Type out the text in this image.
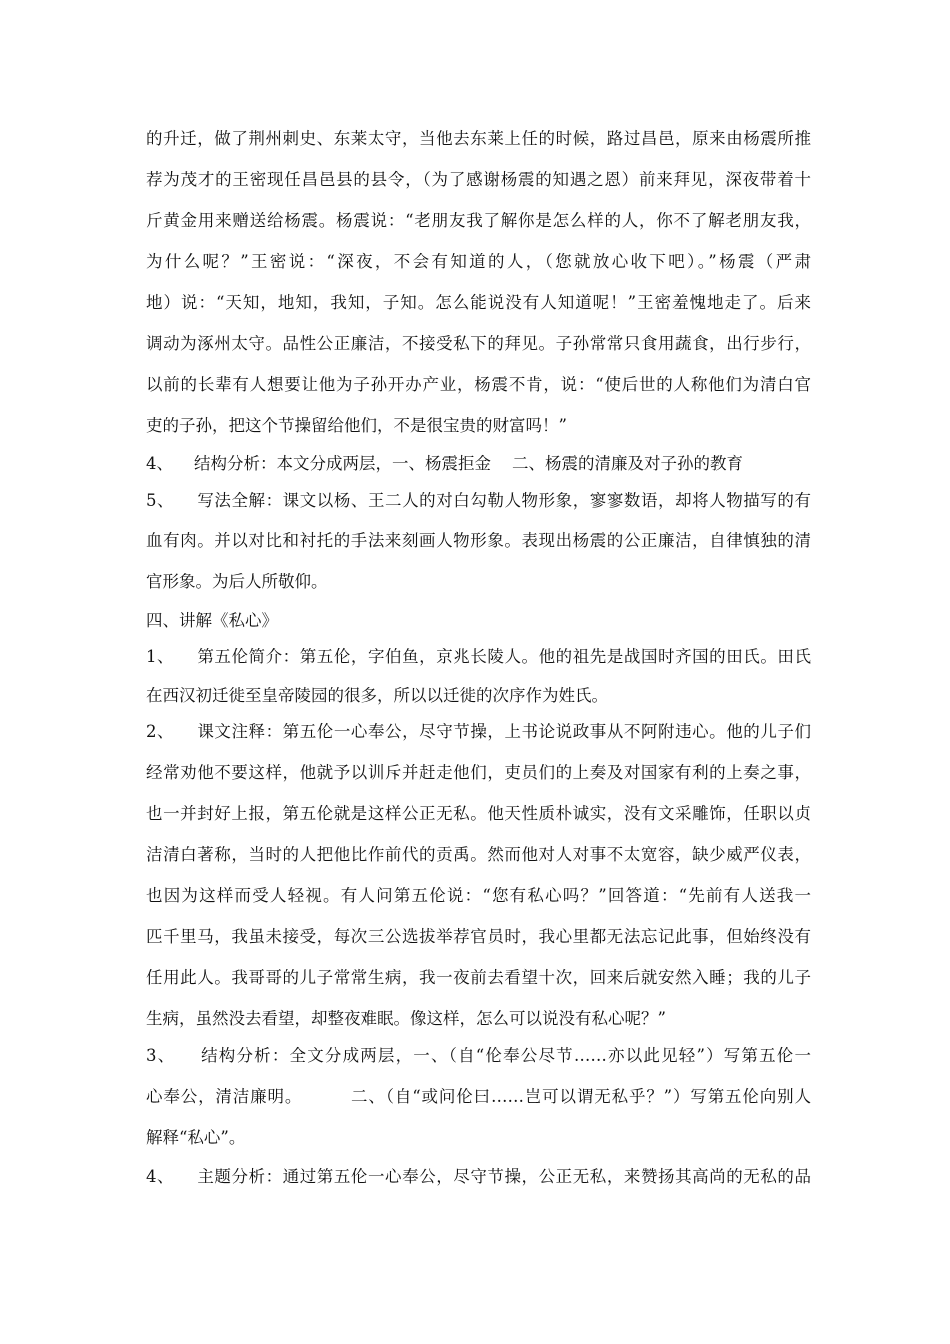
的升迁，做了荆州刺史、东莱太守，当他去东莱上任的时候，路过昌邑，原来由杨震所推
荐为茂才的王密现任昌邑县的县令，（为了感谢杨震的知遇之恩）前来拜见，深夜带着十
斤黄金用来赠送给杨震。杨震说：“老朋友我了解你是怎么样的人，你不了解老朋友我，
为什么呢？”王密说：“深夜，不会有知道的人，（您就放心收下吧）。”杨震（严肃
地）说：“天知，地知，我知，子知。怎么能说没有人知道呢！”王密羞愧地走了。后来
调动为涿州太守。品性公正廉洁，不接受私下的拜见。子孙常常只食用蔬食，出行步行，
以前的长辈有人想要让他为子孙开办产业，杨震不肯，说：“使后世的人称他们为清白官
吏的子孙，把这个节操留给他们，不是很宝贵的财富吗！”
4、    结构分析：本文分成两层，一、杨震拒金    二、杨震的清廉及对子孙的教育
5、    写法全解：课文以杨、王二人的对白勾勒人物形象，寥寥数语，却将人物描写的有
血有肉。并以对比和衬托的手法来刻画人物形象。表现出杨震的公正廉洁，自律慎独的清
官形象。为后人所敬仰。
四、讲解《私心》
1、    第五伦简介：第五伦，字伯鱼，京兆长陵人。他的祖先是战国时齐国的田氏。田氏
在西汉初迁徙至皇帝陵园的很多，所以以迁徙的次序作为姓氏。
2、    课文注释：第五伦一心奉公，尽守节操，上书论说政事从不阿附违心。他的儿子们
经常劝他不要这样，他就予以训斥并赶走他们，吏员们的上奏及对国家有利的上奏之事，
也一并封好上报，第五伦就是这样公正无私。他天性质朴诚实，没有文采雕饰，任职以贞
洁清白著称，当时的人把他比作前代的贡禹。然而他对人对事不太宽容，缺少威严仪表，
也因为这样而受人轻视。有人问第五伦说：“您有私心吗？”回答道：“先前有人送我一
匹千里马，我虽未接受，每次三公选拔举荐官员时，我心里都无法忘记此事，但始终没有
任用此人。我哥哥的儿子常常生病，我一夜前去看望十次，回来后就安然入睡；我的儿子
生病，虽然没去看望，却整夜难眠。像这样，怎么可以说没有私心呢？”
3、    结构分析：全文分成两层，一、（自“伦奉公尽节……亦以此见轻”）写第五伦一
心奉公，清洁廉明。        二、（自“或问伦曰……岂可以谓无私乎？”）写第五伦向别人
解释“私心”。
4、    主题分析：通过第五伦一心奉公，尽守节操，公正无私，来赞扬其高尚的无私的品
